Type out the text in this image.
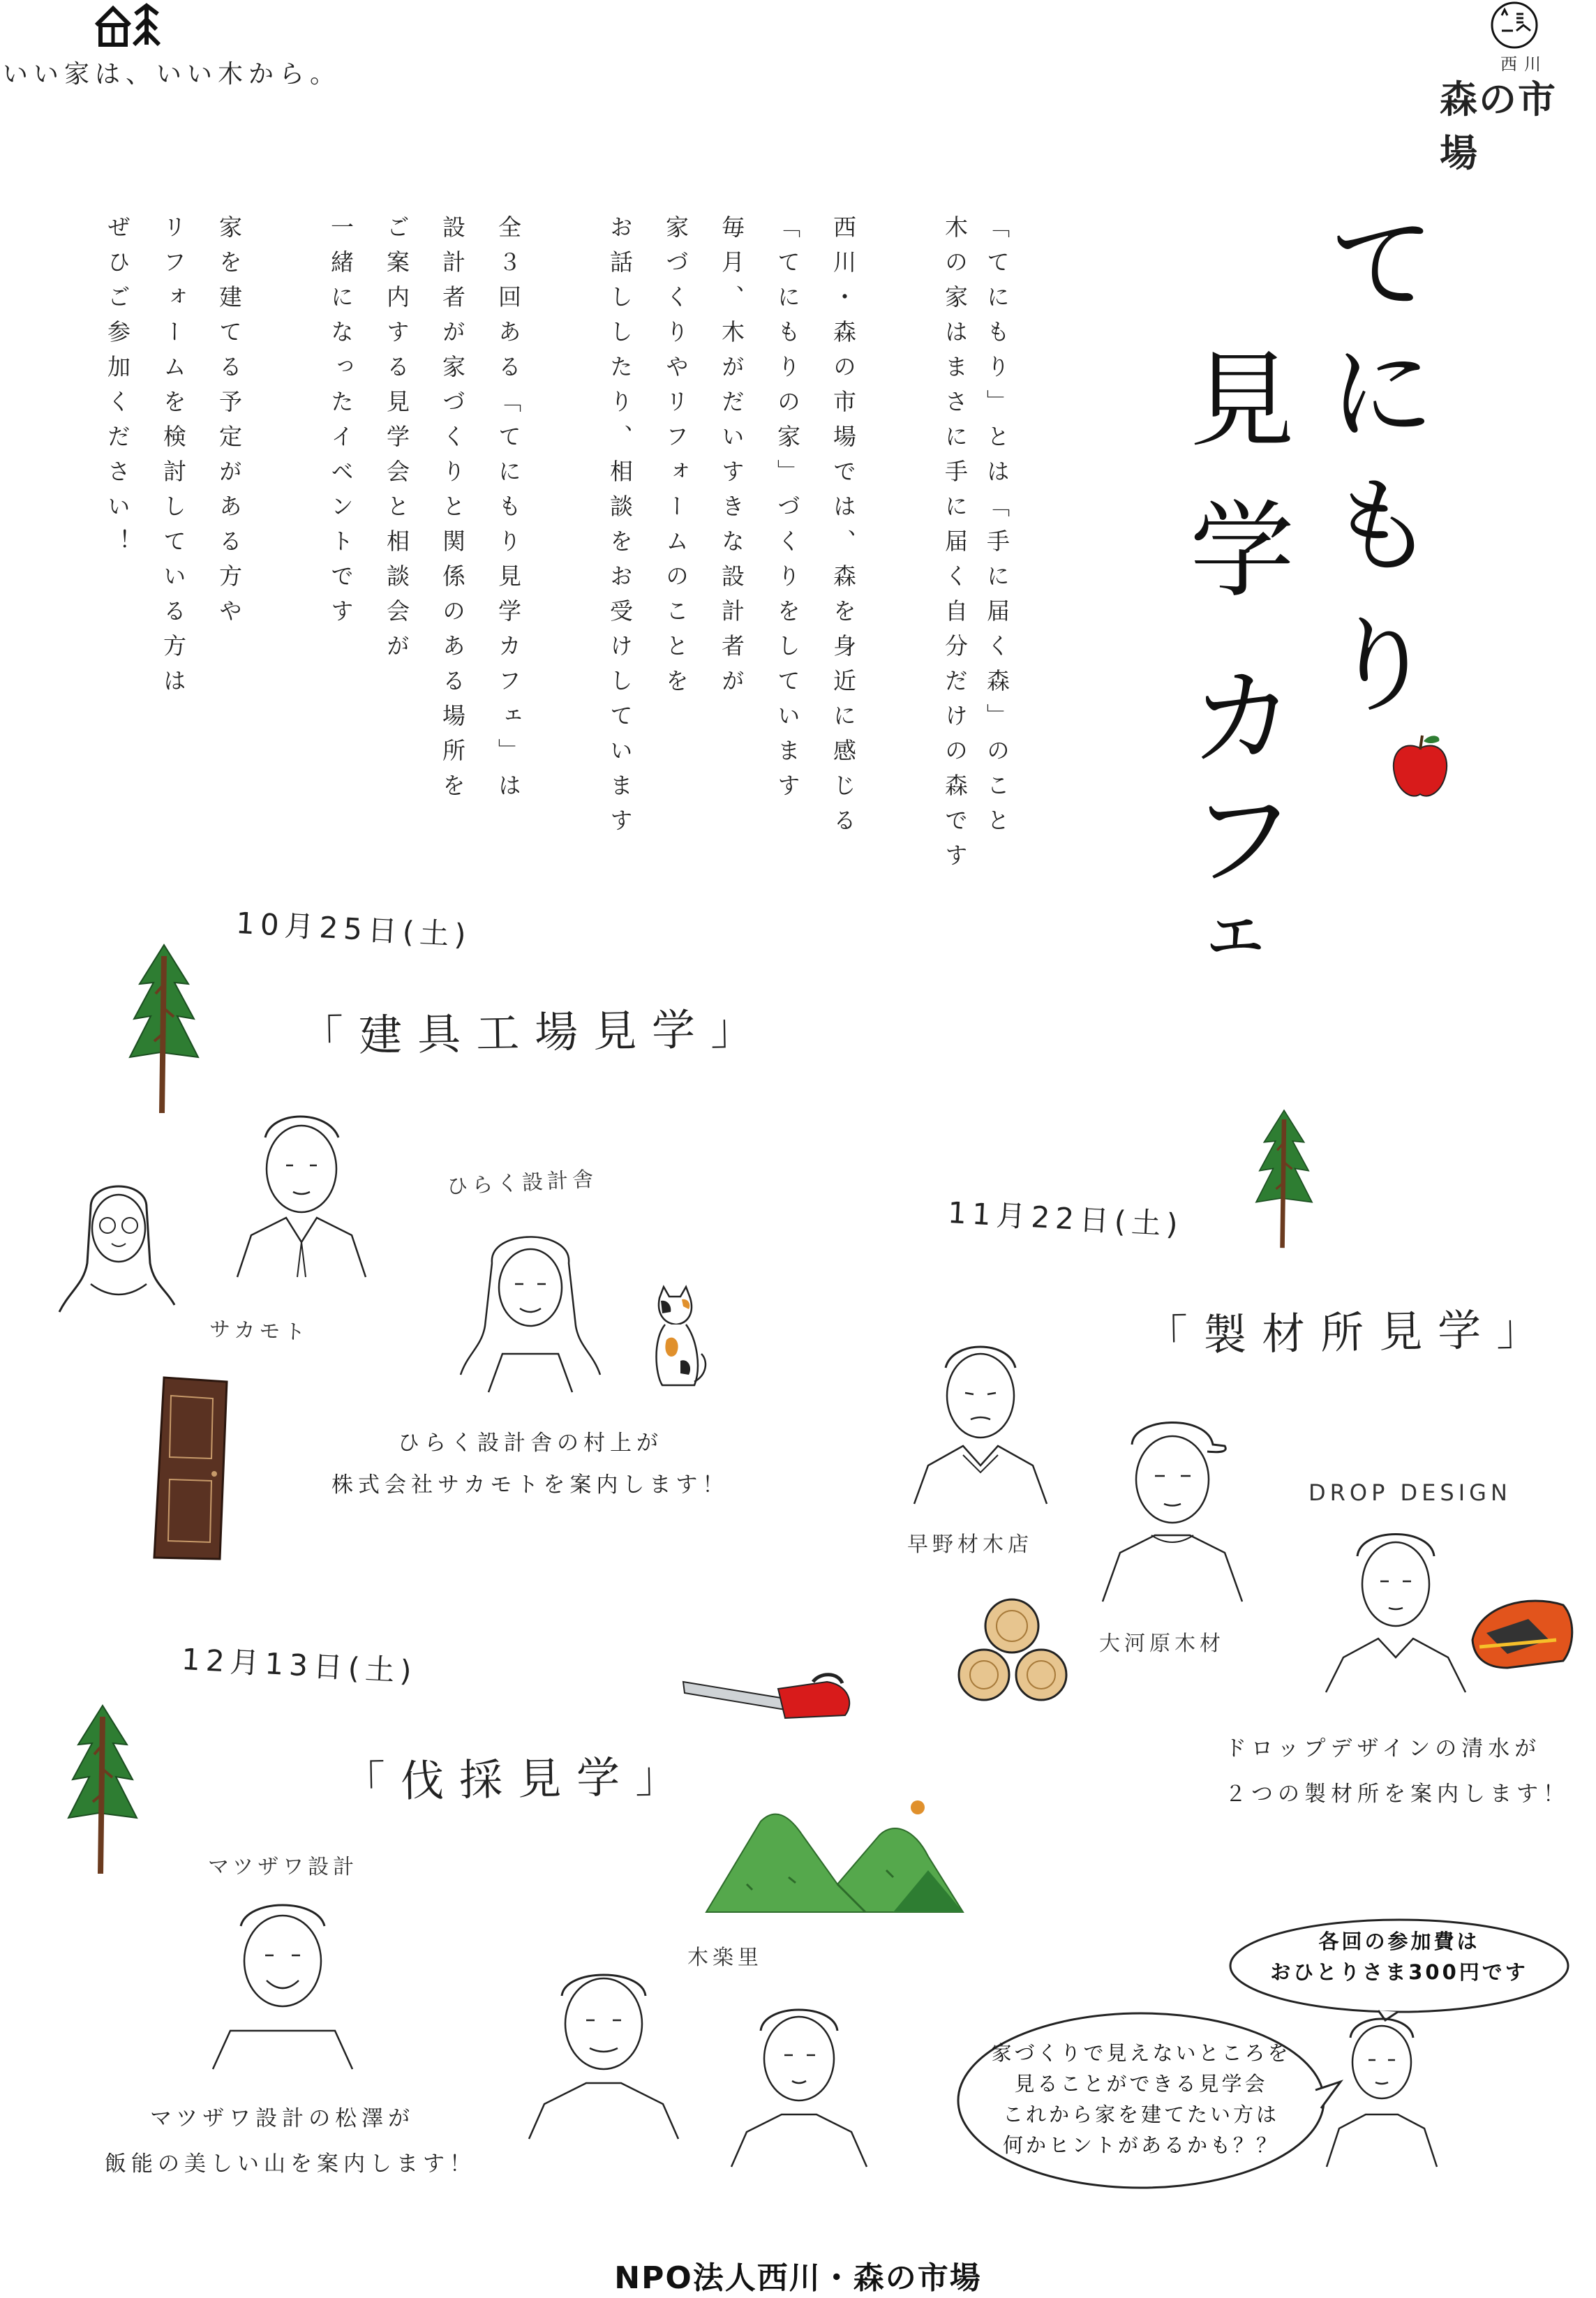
いい家は、いい木から。	西川
森の市場
て
に
も
り
見
学
カ
フ
ェ
「てにもり」とは「手に届く森」のこと
木の家はまさに手に届く自分だけの森です
西川・森の市場では、森を身近に感じる
「てにもりの家」づくりをしています
毎月、木がだいすきな設計者が
家づくりやリフォームのことを
お話ししたり、相談をお受けしています
全３回ある「てにもり見学カフェ」は
設計者が家づくりと関係のある場所を
ご案内する見学会と相談会が
一緒になったイベントです
家を建てる予定がある方や
リフォームを検討している方は
ぜひご参加ください！
10月25日(土)
「建具工場見学」
ひらく設計舎
サカモト
ひらく設計舎の村上が
株式会社サカモトを案内します！
11月22日(土)
「製材所見学」
DROP DESIGN
早野材木店
大河原木材
ドロップデザインの清水が
２つの製材所を案内します！
12月13日(土)
「伐採見学」
マツザワ設計
木楽里
マツザワ設計の松澤が
飯能の美しい山を案内します！
各回の参加費は
おひとりさま300円です
家づくりで見えないところを
見ることができる見学会
これから家を建てたい方は
何かヒントがあるかも？？
NPO法人西川・森の市場
